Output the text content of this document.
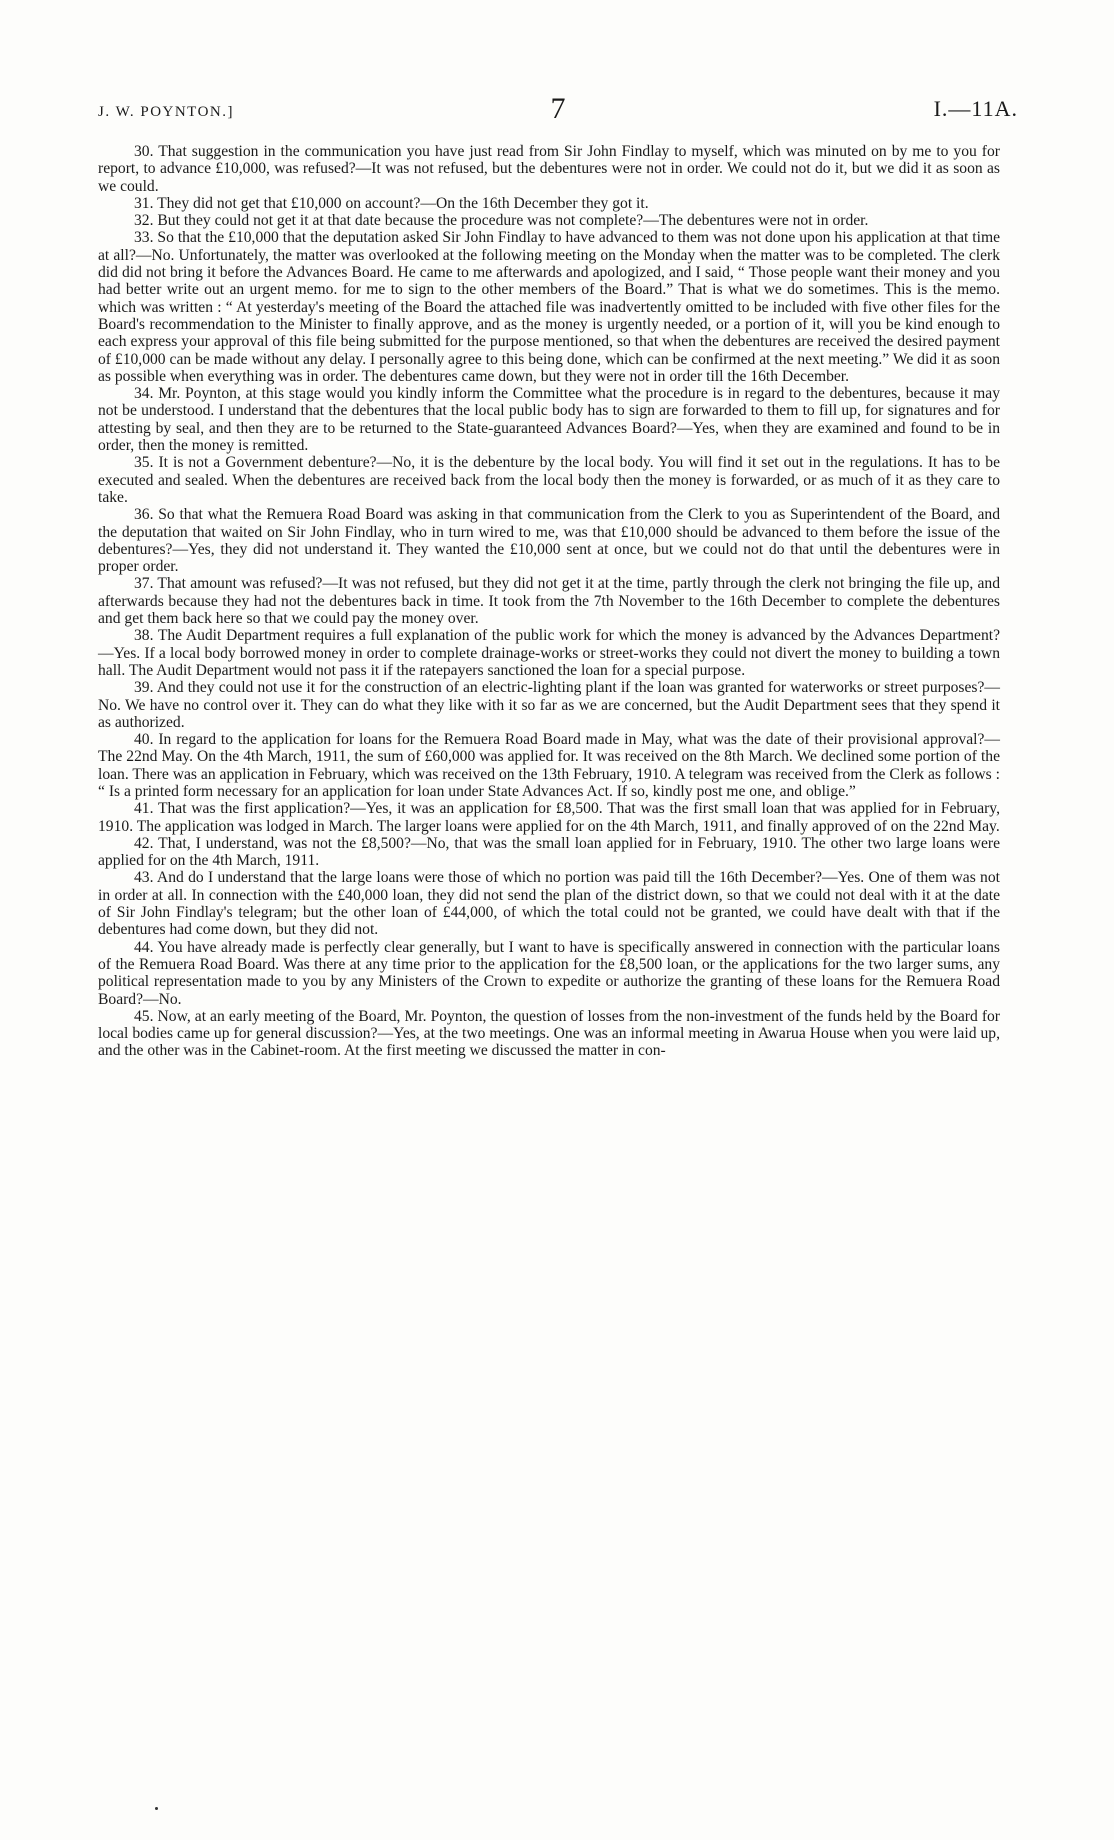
J. W. POYNTON.]	7	I.—11A.

30. That suggestion in the communication you have just read from Sir John Findlay to myself, which was minuted on by me to you for report, to advance £10,000, was refused?—It was not refused, but the debentures were not in order. We could not do it, but we did it as soon as we could.

31. They did not get that £10,000 on account?—On the 16th December they got it.

32. But they could not get it at that date because the procedure was not complete?—The debentures were not in order.

33. So that the £10,000 that the deputation asked Sir John Findlay to have advanced to them was not done upon his application at that time at all?—No. Unfortunately, the matter was overlooked at the following meeting on the Monday when the matter was to be completed. The clerk did did not bring it before the Advances Board. He came to me afterwards and apologized, and I said, “ Those people want their money and you had better write out an urgent memo. for me to sign to the other members of the Board.” That is what we do sometimes. This is the memo. which was written : “ At yesterday's meeting of the Board the attached file was inadvertently omitted to be included with five other files for the Board's recommendation to the Minister to finally approve, and as the money is urgently needed, or a portion of it, will you be kind enough to each express your approval of this file being submitted for the purpose mentioned, so that when the debentures are received the desired payment of £10,000 can be made without any delay. I personally agree to this being done, which can be confirmed at the next meeting.” We did it as soon as possible when everything was in order. The debentures came down, but they were not in order till the 16th December.

34. Mr. Poynton, at this stage would you kindly inform the Committee what the procedure is in regard to the debentures, because it may not be understood. I understand that the debentures that the local public body has to sign are forwarded to them to fill up, for signatures and for attesting by seal, and then they are to be returned to the State-guaranteed Advances Board?—Yes, when they are examined and found to be in order, then the money is remitted.

35. It is not a Government debenture?—No, it is the debenture by the local body. You will find it set out in the regulations. It has to be executed and sealed. When the debentures are received back from the local body then the money is forwarded, or as much of it as they care to take.

36. So that what the Remuera Road Board was asking in that communication from the Clerk to you as Superintendent of the Board, and the deputation that waited on Sir John Findlay, who in turn wired to me, was that £10,000 should be advanced to them before the issue of the debentures?—Yes, they did not understand it. They wanted the £10,000 sent at once, but we could not do that until the debentures were in proper order.

37. That amount was refused?—It was not refused, but they did not get it at the time, partly through the clerk not bringing the file up, and afterwards because they had not the debentures back in time. It took from the 7th November to the 16th December to complete the debentures and get them back here so that we could pay the money over.

38. The Audit Department requires a full explanation of the public work for which the money is advanced by the Advances Department?—Yes. If a local body borrowed money in order to complete drainage-works or street-works they could not divert the money to building a town hall. The Audit Department would not pass it if the ratepayers sanctioned the loan for a special purpose.

39. And they could not use it for the construction of an electric-lighting plant if the loan was granted for waterworks or street purposes?—No. We have no control over it. They can do what they like with it so far as we are concerned, but the Audit Department sees that they spend it as authorized.

40. In regard to the application for loans for the Remuera Road Board made in May, what was the date of their provisional approval?—The 22nd May. On the 4th March, 1911, the sum of £60,000 was applied for. It was received on the 8th March. We declined some portion of the loan. There was an application in February, which was received on the 13th February, 1910. A telegram was received from the Clerk as follows : “ Is a printed form necessary for an application for loan under State Advances Act. If so, kindly post me one, and oblige.”

41. That was the first application?—Yes, it was an application for £8,500. That was the first small loan that was applied for in February, 1910. The application was lodged in March. The larger loans were applied for on the 4th March, 1911, and finally approved of on the 22nd May.

42. That, I understand, was not the £8,500?—No, that was the small loan applied for in February, 1910. The other two large loans were applied for on the 4th March, 1911.

43. And do I understand that the large loans were those of which no portion was paid till the 16th December?—Yes. One of them was not in order at all. In connection with the £40,000 loan, they did not send the plan of the district down, so that we could not deal with it at the date of Sir John Findlay's telegram; but the other loan of £44,000, of which the total could not be granted, we could have dealt with that if the debentures had come down, but they did not.

44. You have already made is perfectly clear generally, but I want to have is specifically answered in connection with the particular loans of the Remuera Road Board. Was there at any time prior to the application for the £8,500 loan, or the applications for the two larger sums, any political representation made to you by any Ministers of the Crown to expedite or authorize the granting of these loans for the Remuera Road Board?—No.

45. Now, at an early meeting of the Board, Mr. Poynton, the question of losses from the non-investment of the funds held by the Board for local bodies came up for general discussion?—Yes, at the two meetings. One was an informal meeting in Awarua House when you were laid up, and the other was in the Cabinet-room. At the first meeting we discussed the matter in con-
